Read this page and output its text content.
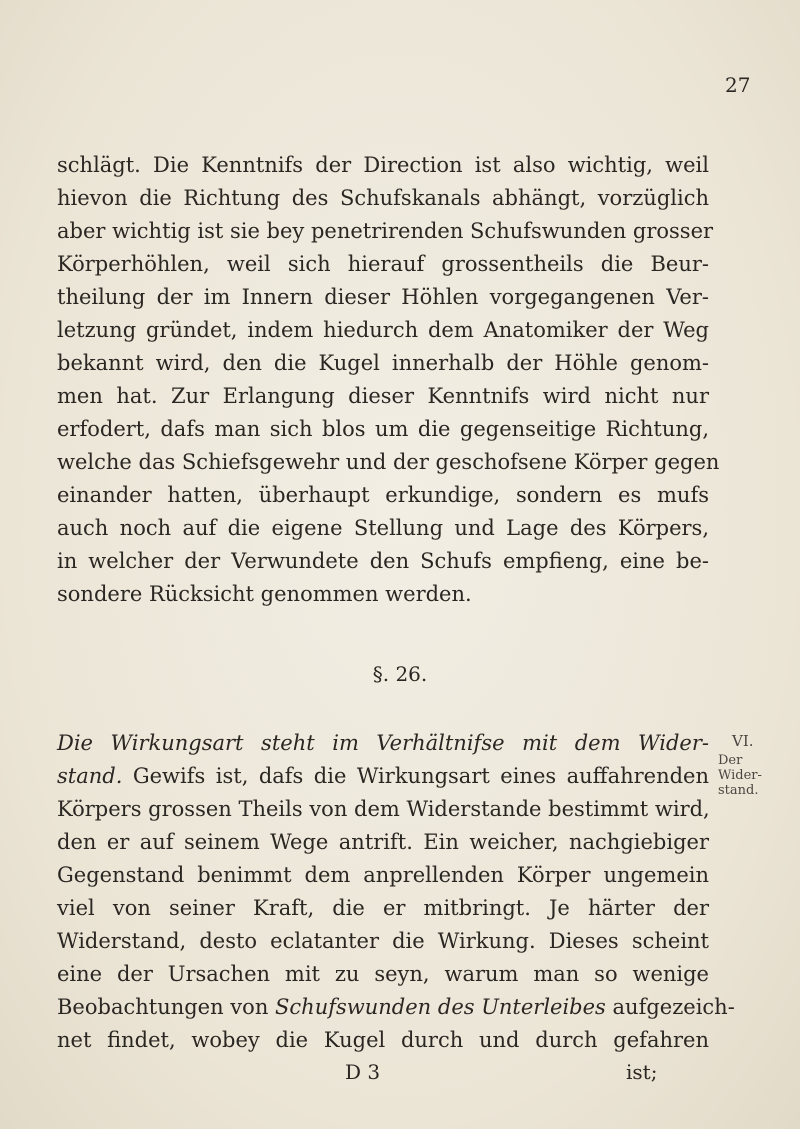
27

schlägt. Die Kenntnifs der Direction ist also wichtig, weil

hievon die Richtung des Schufskanals abhängt, vorzüglich

aber wichtig ist sie bey penetrirenden Schufswunden grosser

Körperhöhlen, weil sich hierauf grossentheils die Beur-

theilung der im Innern dieser Höhlen vorgegangenen Ver-

letzung gründet, indem hiedurch dem Anatomiker der Weg

bekannt wird, den die Kugel innerhalb der Höhle genom-

men hat. Zur Erlangung dieser Kenntnifs wird nicht nur

erfodert, dafs man sich blos um die gegenseitige Richtung,

welche das Schiefsgewehr und der geschofsene Körper gegen

einander hatten, überhaupt erkundige, sondern es mufs

auch noch auf die eigene Stellung und Lage des Körpers,

in welcher der Verwundete den Schufs empfieng, eine be-

sondere Rücksicht genommen werden.

§. 26.

Die Wirkungsart steht im Verhältnifse mit dem Wider-

stand. Gewifs ist, dafs die Wirkungsart eines auffahrenden

Körpers grossen Theils von dem Widerstande bestimmt wird,

den er auf seinem Wege antrift. Ein weicher, nachgiebiger

Gegenstand benimmt dem anprellenden Körper ungemein

viel von seiner Kraft, die er mitbringt. Je härter der

Widerstand, desto eclatanter die Wirkung. Dieses scheint

eine der Ursachen mit zu seyn, warum man so wenige

Beobachtungen von Schufswunden des Unterleibes aufgezeich-

net findet, wobey die Kugel durch und durch gefahren

VI.
Der Wider-stand.
D 3	ist;
